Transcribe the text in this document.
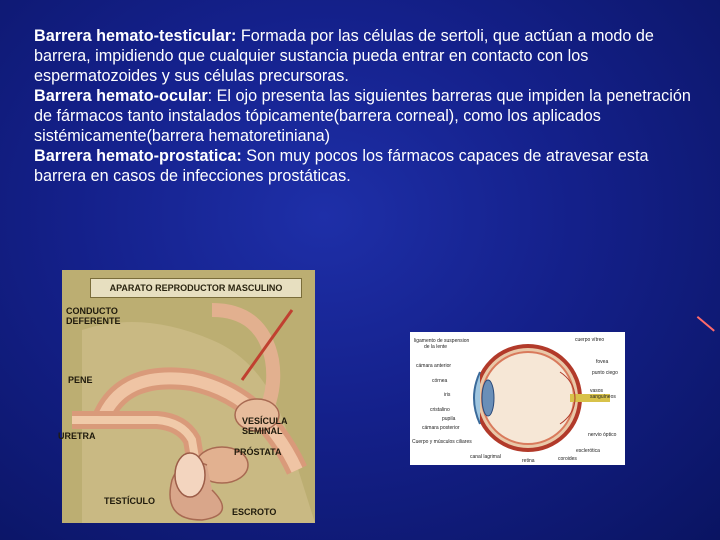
Barrera hemato-testicular: Formada por las células de sertoli, que actúan a modo de barrera, impidiendo que cualquier sustancia pueda entrar en contacto con los espermatozoides y sus células precursoras.

Barrera hemato-ocular: El ojo presenta las siguientes barreras que impiden la penetración de fármacos tanto instalados tópicamente(barrera corneal), como los aplicados sistémicamente(barrera hematoretiniana)

Barrera hemato-prostatica: Son muy pocos los fármacos capaces de atravesar esta barrera en casos de infecciones prostáticas.

APARATO REPRODUCTOR MASCULINO
CONDUCTO
DEFERENTE
PENE
URETRA
VESÍCULA
SEMINAL
PRÓSTATA
TESTÍCULO
ESCROTO
ligamento de suspension
de la lente
cámara anterior
córnea
iris
cristalino
pupila
cámara posterior
Cuerpo y músculos ciliares
canal lagrimal
retina
cuerpo vítreo
fovea
punto ciego
vasos sanguíneos
nervio óptico
esclerótica
coroides
